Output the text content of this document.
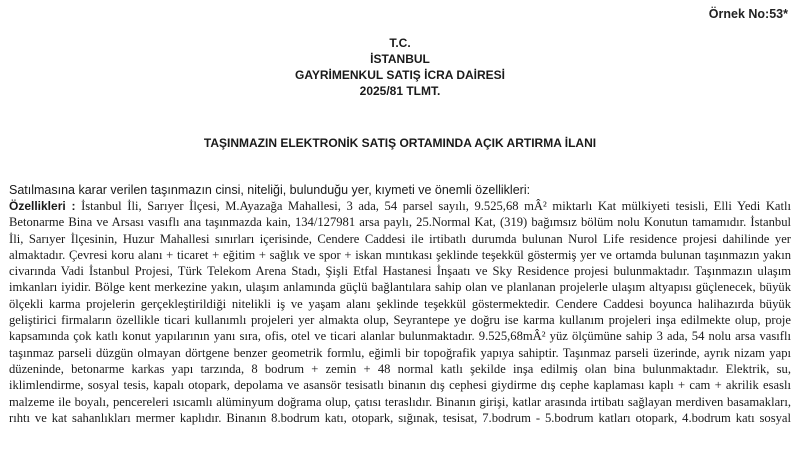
Örnek No:53*
T.C.
İSTANBUL
GAYRİMENKUL SATIŞ İCRA DAİRESİ
2025/81 TLMT.
TAŞINMAZIN ELEKTRONİK SATIŞ ORTAMINDA AÇIK ARTIRMA İLANI
Satılmasına karar verilen taşınmazın cinsi, niteliği, bulunduğu yer, kıymeti ve önemli özellikleri:
Özellikleri : İstanbul İli, Sarıyer İlçesi, M.Ayazağa Mahallesi, 3 ada, 54 parsel sayılı, 9.525,68 mÂ² miktarlı Kat mülkiyeti tesisli, Elli Yedi Katlı
Betonarme Bina ve Arsası vasıflı ana taşınmazda kain, 134/127981 arsa paylı, 25.Normal Kat, (319) bağımsız bölüm nolu Konutun tamamıdır. İstanbul
İli, Sarıyer İlçesinin, Huzur Mahallesi sınırları içerisinde, Cendere Caddesi ile irtibatlı durumda bulunan Nurol Life residence projesi dahilinde yer
almaktadır. Çevresi koru alanı + ticaret + eğitim + sağlık ve spor + iskan mıntıkası şeklinde teşekkül göstermiş yer ve ortamda bulunan taşınmazın yakın
civarında Vadi İstanbul Projesi, Türk Telekom Arena Stadı, Şişli Etfal Hastanesi İnşaatı ve Sky Residence projesi bulunmaktadır. Taşınmazın ulaşım
imkanları iyidir. Bölge kent merkezine yakın, ulaşım anlamında güçlü bağlantılara sahip olan ve planlanan projelerle ulaşım altyapısı güçlenecek, büyük
ölçekli karma projelerin gerçekleştirildiği nitelikli iş ve yaşam alanı şeklinde teşekkül göstermektedir. Cendere Caddesi boyunca halihazırda büyük
geliştirici firmaların özellikle ticari kullanımlı projeleri yer almakta olup, Seyrantepe ye doğru ise karma kullanım projeleri inşa edilmekte olup, proje
kapsamında çok katlı konut yapılarının yanı sıra, ofis, otel ve ticari alanlar bulunmaktadır. 9.525,68mÂ² yüz ölçümüne sahip 3 ada, 54 nolu arsa vasıflı
taşınmaz parseli düzgün olmayan dörtgene benzer geometrik formlu, eğimli bir topoğrafik yapıya sahiptir. Taşınmaz parseli üzerinde, ayrık nizam yapı
düzeninde, betonarme karkas yapı tarzında, 8 bodrum + zemin + 48 normal katlı şekilde inşa edilmiş olan bina bulunmaktadır. Elektrik, su,
iklimlendirme, sosyal tesis, kapalı otopark, depolama ve asansör tesisatlı binanın dış cephesi giydirme dış cephe kaplaması kaplı + cam + akrilik esaslı
malzeme ile boyalı, pencereleri ısıcamlı alüminyum doğrama olup, çatısı teraslıdır. Binanın girişi, katlar arasında irtibatı sağlayan merdiven basamakları,
rıhtı ve kat sahanlıkları mermer kaplıdır. Binanın 8.bodrum katı, otopark, sığınak, tesisat, 7.bodrum - 5.bodrum katları otopark, 4.bodrum katı sosyal
